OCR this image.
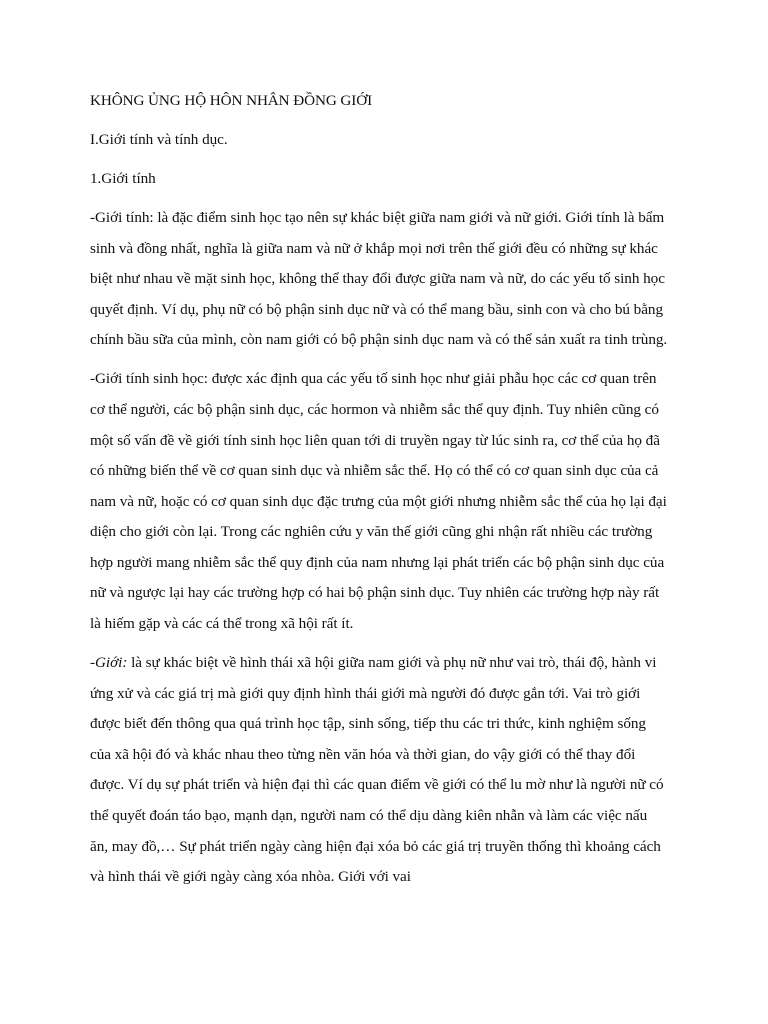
KHÔNG ỦNG HỘ HÔN NHÂN ĐỒNG GIỚI

I.Giới tính và tính dục.

1.Giới tính

-Giới tính: là đặc điểm sinh học tạo nên sự khác biệt giữa nam giới và nữ giới. Giới tính là bẩm sinh và đồng nhất, nghĩa là giữa nam và nữ ở khắp mọi nơi trên thế giới đều có những sự khác biệt như nhau về mặt sinh học, không thể thay đổi được giữa nam và nữ, do các yếu tố sinh học quyết định. Ví dụ, phụ nữ có bộ phận sinh dục nữ và có thể mang bầu, sinh con và cho bú bằng chính bầu sữa của mình, còn nam giới có bộ phận sinh dục nam và có thể sản xuất ra tinh trùng.

-Giới tính sinh học: được xác định qua các yếu tố sinh học như giải phẫu học các cơ quan trên cơ thể người, các bộ phận sinh dục, các hormon và nhiễm sắc thể quy định. Tuy nhiên cũng có một số vấn đề về giới tính sinh học liên quan tới di truyền ngay từ lúc sinh ra, cơ thể của họ đã có những biến thể về cơ quan sinh dục và nhiễm sắc thể. Họ có thể có cơ quan sinh dục của cả nam và nữ, hoặc có cơ quan sinh dục đặc trưng của một giới nhưng nhiễm sắc thể của họ lại đại diện cho giới còn lại. Trong các nghiên cứu y văn thế giới cũng ghi nhận rất nhiều các trường hợp người mang nhiễm sắc thể quy định của nam nhưng lại phát triển các bộ phận sinh dục của nữ và ngược lại hay các trường hợp có hai bộ phận sinh dục. Tuy nhiên các trường hợp này rất là hiếm gặp và các cá thể trong xã hội rất ít.

-Giới: là sự khác biệt về hình thái xã hội giữa nam giới và phụ nữ như vai trò, thái độ, hành vi ứng xử và các giá trị mà giới quy định hình thái giới mà người đó được gắn tới. Vai trò giới được biết đến thông qua quá trình học tập, sinh sống, tiếp thu các tri thức, kinh nghiệm sống của xã hội đó và khác nhau theo từng nền văn hóa và thời gian, do vậy giới có thể thay đổi được. Ví dụ sự phát triển và hiện đại thì các quan điểm về giới có thể lu mờ như là người nữ có thể quyết đoán táo bạo, mạnh dạn, người nam có thể dịu dàng kiên nhẫn và làm các việc nấu ăn, may đồ,… Sự phát triển ngày càng hiện đại xóa bỏ các giá trị truyền thống thì khoảng cách và hình thái về giới ngày càng xóa nhòa. Giới với vai
